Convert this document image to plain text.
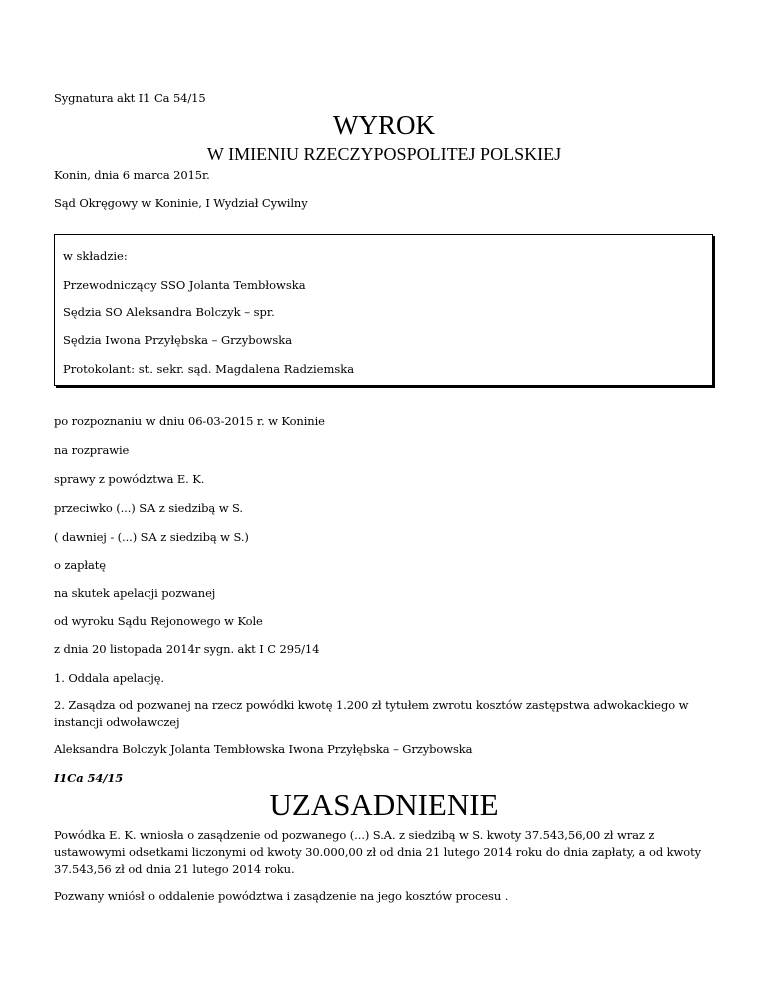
Sygnatura akt I1 Ca 54/15
WYROK
W IMIENIU RZECZYPOSPOLITEJ POLSKIEJ
Konin, dnia 6 marca 2015r.
Sąd Okręgowy w Koninie, I Wydział Cywilny
w składzie:
Przewodniczący SSO Jolanta Tembłowska
Sędzia SO Aleksandra Bolczyk – spr.
Sędzia Iwona Przyłębska – Grzybowska
Protokolant: st. sekr. sąd. Magdalena Radziemska
po rozpoznaniu w dniu 06-03-2015 r. w Koninie
na rozprawie
sprawy z powództwa E. K.
przeciwko (...) SA z siedzibą w S.
( dawniej - (...) SA z siedzibą w S.)
o zapłatę
na skutek apelacji pozwanej
od wyroku Sądu Rejonowego w Kole
z dnia 20 listopada 2014r sygn. akt I C 295/14
1. Oddala apelację.
2. Zasądza od pozwanej na rzecz powódki kwotę 1.200 zł tytułem zwrotu kosztów zastępstwa adwokackiego w instancji odwoławczej
Aleksandra Bolczyk Jolanta Tembłowska Iwona Przyłębska – Grzybowska
I1Ca 54/15
UZASADNIENIE
Powódka E. K. wniosła o zasądzenie od pozwanego (...) S.A. z siedzibą w S. kwoty 37.543,56,00 zł wraz z ustawowymi odsetkami liczonymi od kwoty 30.000,00 zł od dnia 21 lutego 2014 roku do dnia zapłaty, a od kwoty 37.543,56 zł od dnia 21 lutego 2014 roku.
Pozwany wniósł o oddalenie powództwa i zasądzenie na jego kosztów procesu .
